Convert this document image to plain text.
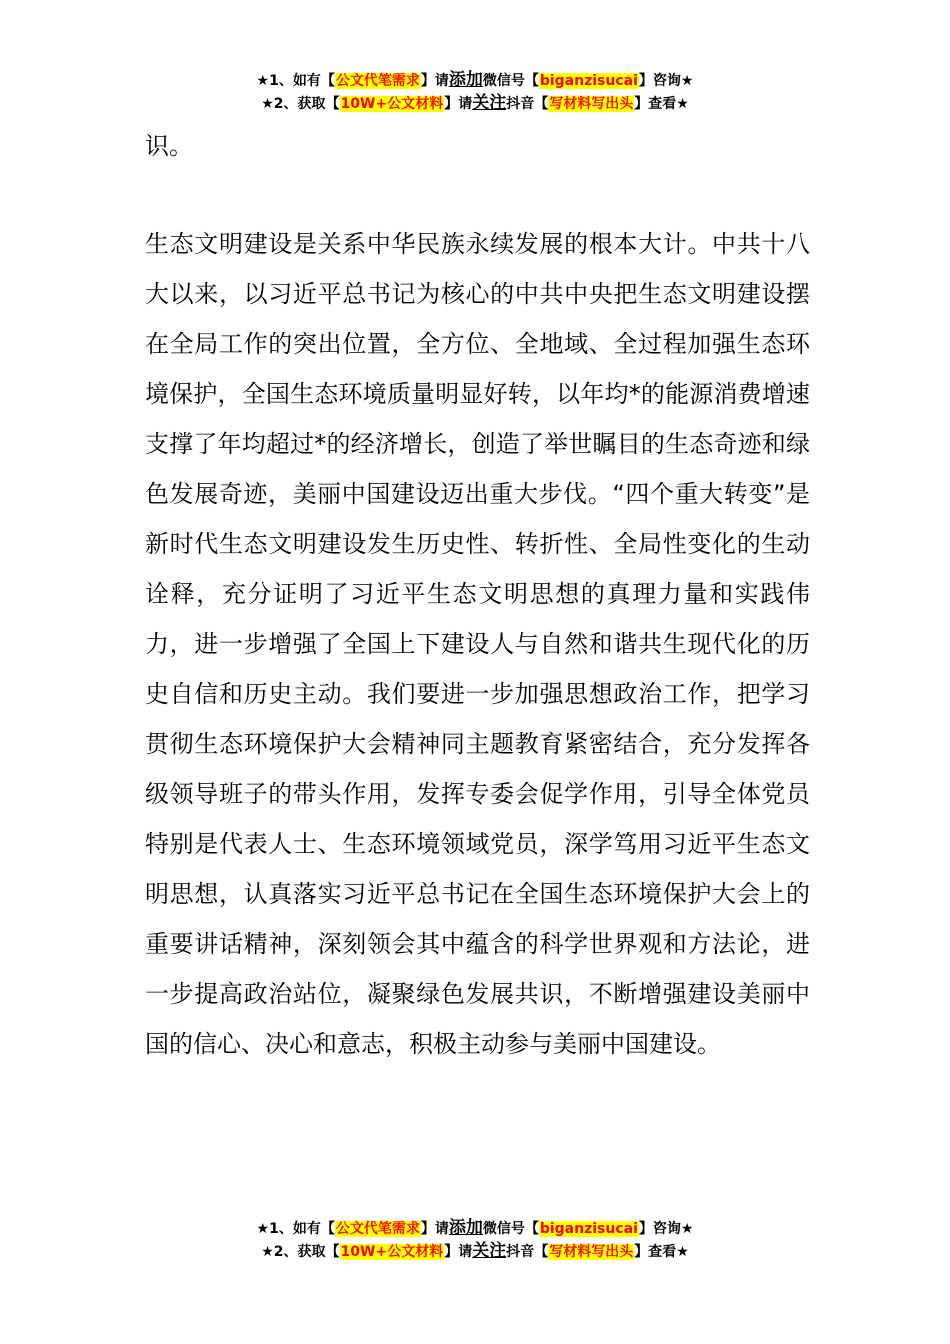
★1、如有【公文代笔需求】请添加微信号【biganzisucai】咨询★
★2、获取【10W+公文材料】请关注抖音【写材料写出头】查看★

识。

生态文明建设是关系中华民族永续发展的根本大计。中共十八大以来，以习近平总书记为核心的中共中央把生态文明建设摆在全局工作的突出位置，全方位、全地域、全过程加强生态环境保护，全国生态环境质量明显好转，以年均*的能源消费增速支撑了年均超过*的经济增长，创造了举世瞩目的生态奇迹和绿色发展奇迹，美丽中国建设迈出重大步伐。“四个重大转变”是新时代生态文明建设发生历史性、转折性、全局性变化的生动诠释，充分证明了习近平生态文明思想的真理力量和实践伟力，进一步增强了全国上下建设人与自然和谐共生现代化的历史自信和历史主动。我们要进一步加强思想政治工作，把学习贯彻生态环境保护大会精神同主题教育紧密结合，充分发挥各级领导班子的带头作用，发挥专委会促学作用，引导全体党员特别是代表人士、生态环境领域党员，深学笃用习近平生态文明思想，认真落实习近平总书记在全国生态环境保护大会上的重要讲话精神，深刻领会其中蕴含的科学世界观和方法论，进一步提高政治站位，凝聚绿色发展共识，不断增强建设美丽中国的信心、决心和意志，积极主动参与美丽中国建设。

★1、如有【公文代笔需求】请添加微信号【biganzisucai】咨询★
★2、获取【10W+公文材料】请关注抖音【写材料写出头】查看★
